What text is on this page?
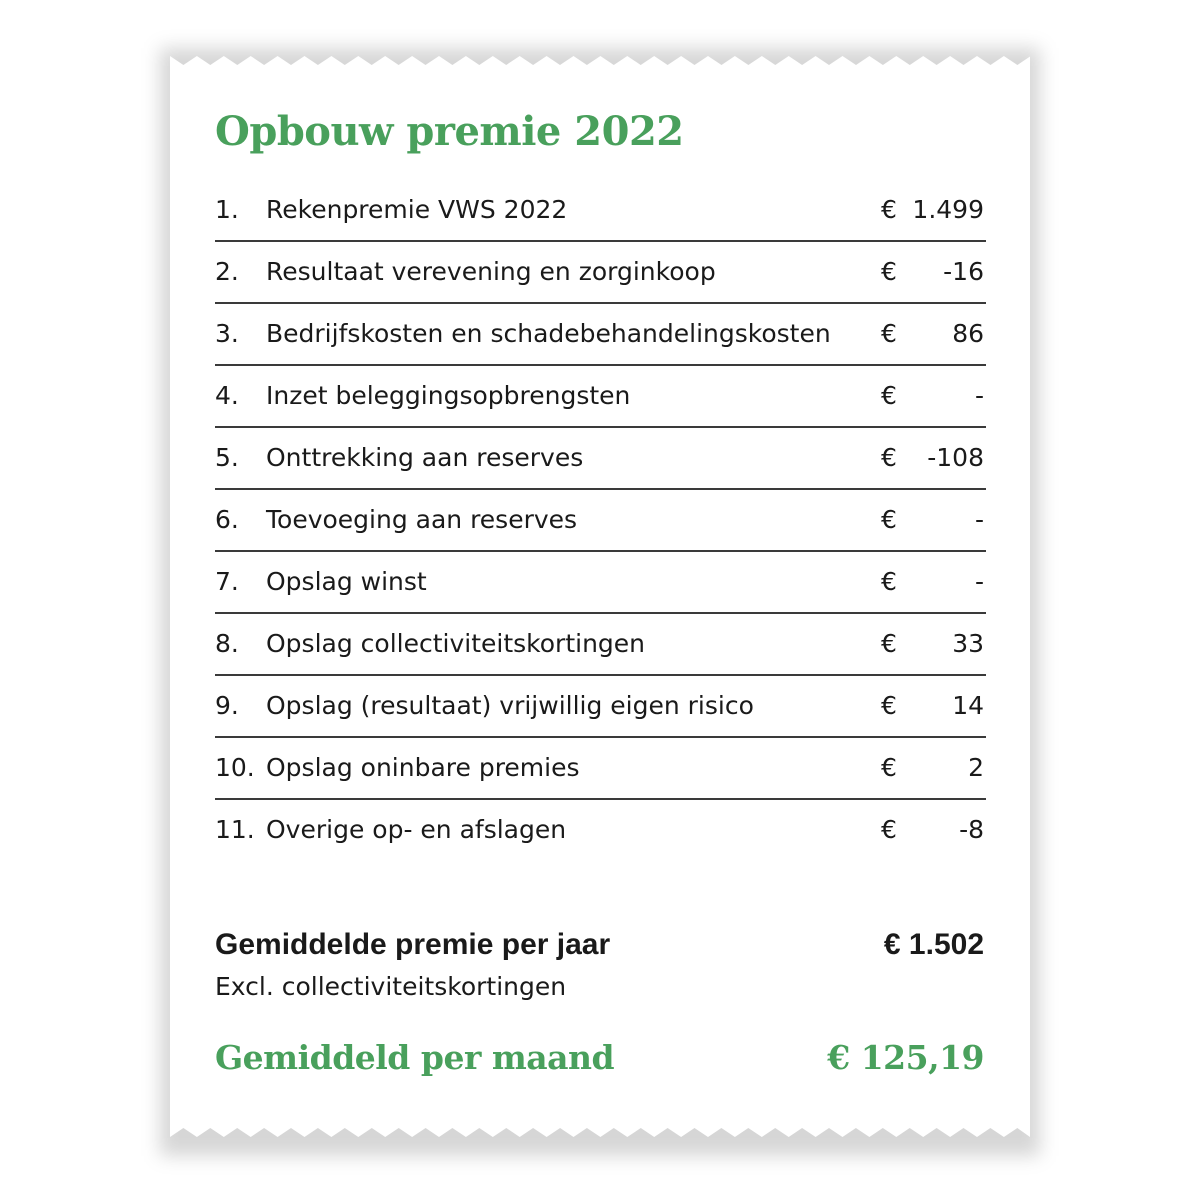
Opbouw premie 2022
1. Rekenpremie VWS 2022	€ 1.499
2. Resultaat verevening en zorginkoop	€ -16
3. Bedrijfskosten en schadebehandelingskosten € 86
4. Inzet beleggingsopbrengsten	€	-
5. Onttrekking aan reserves	€ -108
6. Toevoeging aan reserves	€	-
7. Opslag winst	€	-
8. Opslag collectiviteitskortingen	€ 33
9. Opslag (resultaat) vrijwillig eigen risico	€ 14
10. Opslag oninbare premies	€	2
11. Overige op- en afslagen	€ -8
Gemiddelde premie per jaar	€ 1.502
Excl. collectiviteitskortingen
Gemiddeld per maand	€ 125,19
